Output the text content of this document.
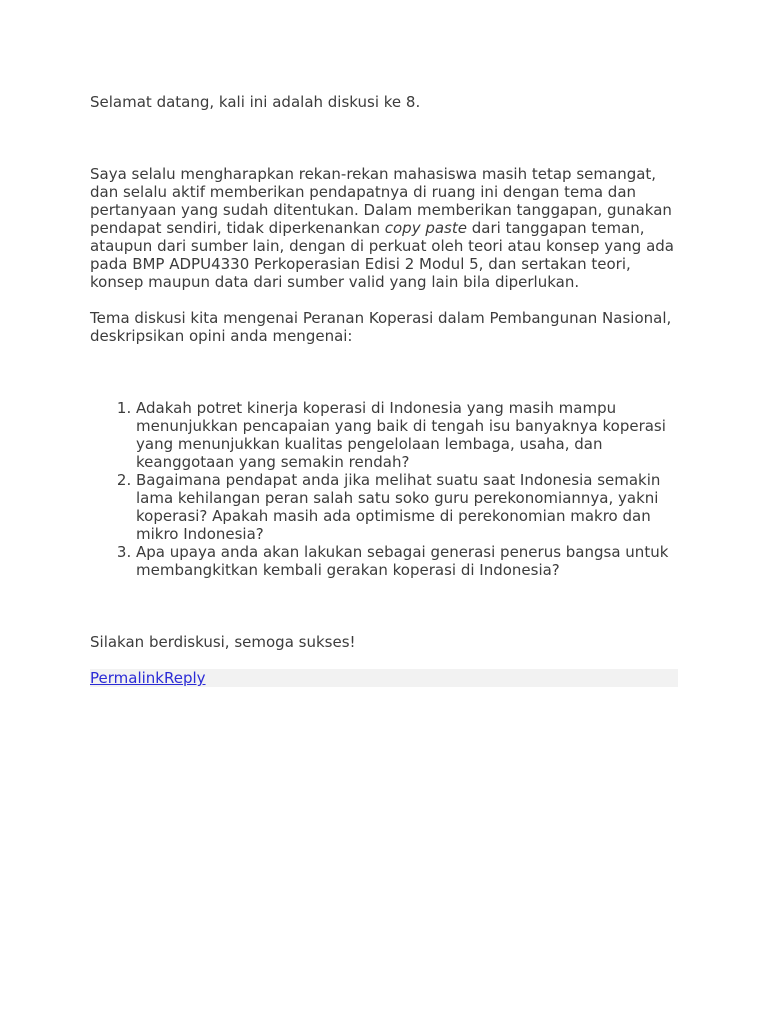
Selamat datang, kali ini adalah diskusi ke 8.

Saya selalu mengharapkan rekan-rekan mahasiswa masih tetap semangat, dan selalu aktif memberikan pendapatnya di ruang ini dengan tema dan pertanyaan yang sudah ditentukan. Dalam memberikan tanggapan, gunakan pendapat sendiri, tidak diperkenankan copy paste dari tanggapan teman, ataupun dari sumber lain, dengan di perkuat oleh teori atau konsep yang ada pada BMP ADPU4330 Perkoperasian Edisi 2 Modul 5, dan sertakan teori, konsep maupun data dari sumber valid yang lain bila diperlukan.

Tema diskusi kita mengenai Peranan Koperasi dalam Pembangunan Nasional, deskripsikan opini anda mengenai:

1. Adakah potret kinerja koperasi di Indonesia yang masih mampu menunjukkan pencapaian yang baik di tengah isu banyaknya koperasi yang menunjukkan kualitas pengelolaan lembaga, usaha, dan keanggotaan yang semakin rendah?
2. Bagaimana pendapat anda jika melihat suatu saat Indonesia semakin lama kehilangan peran salah satu soko guru perekonomiannya, yakni koperasi? Apakah masih ada optimisme di perekonomian makro dan mikro Indonesia?
3. Apa upaya anda akan lakukan sebagai generasi penerus bangsa untuk membangkitkan kembali gerakan koperasi di Indonesia?

Silakan berdiskusi, semoga sukses!

PermalinkReply
